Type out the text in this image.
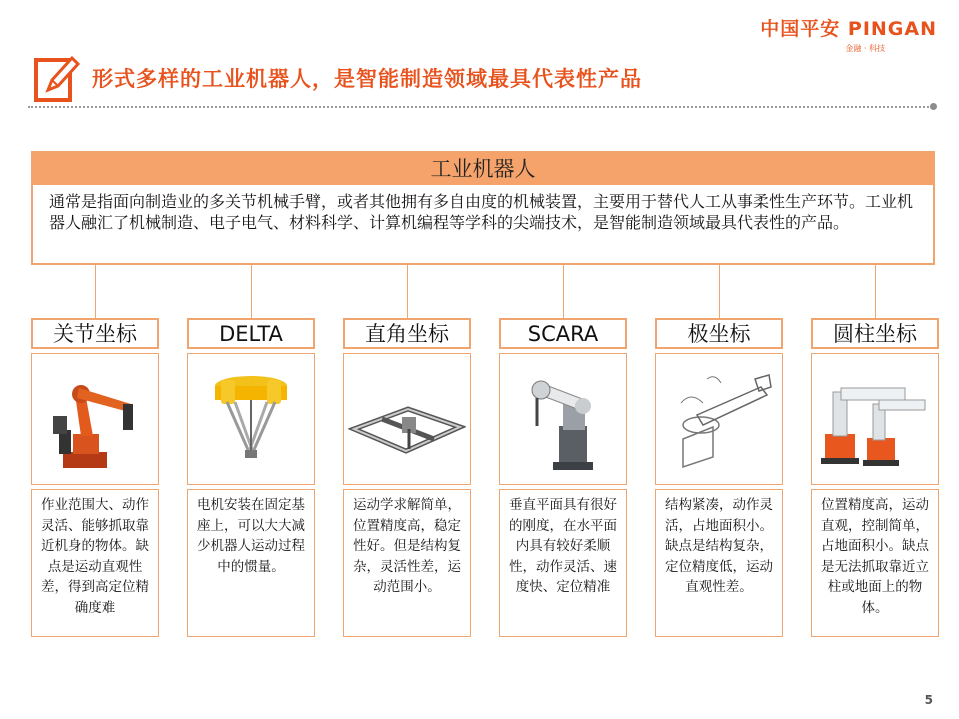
中国平安 PINGAN
金融 · 科技
形式多样的工业机器人，是智能制造领域最具代表性产品
工业机器人
通常是指面向制造业的多关节机械手臂，或者其他拥有多自由度的机械装置，主要用于替代人工从事柔性生产环节。工业机器人融汇了机械制造、电子电气、材料科学、计算机编程等学科的尖端技术，是智能制造领域最具代表性的产品。
关节坐标
作业范围大、动作灵活、能够抓取靠近机身的物体。缺点是运动直观性差，得到高定位精确度难
DELTA
电机安装在固定基座上，可以大大减少机器人运动过程中的惯量。
直角坐标
运动学求解简单，位置精度高，稳定性好。但是结构复杂，灵活性差，运动范围小。
SCARA
垂直平面具有很好的刚度，在水平面内具有较好柔顺性，动作灵活、速度快、定位精准
极坐标
结构紧凑，动作灵活，占地面积小。缺点是结构复杂，定位精度低，运动直观性差。
圆柱坐标
位置精度高，运动直观，控制简单，占地面积小。缺点是无法抓取靠近立柱或地面上的物体。
5
